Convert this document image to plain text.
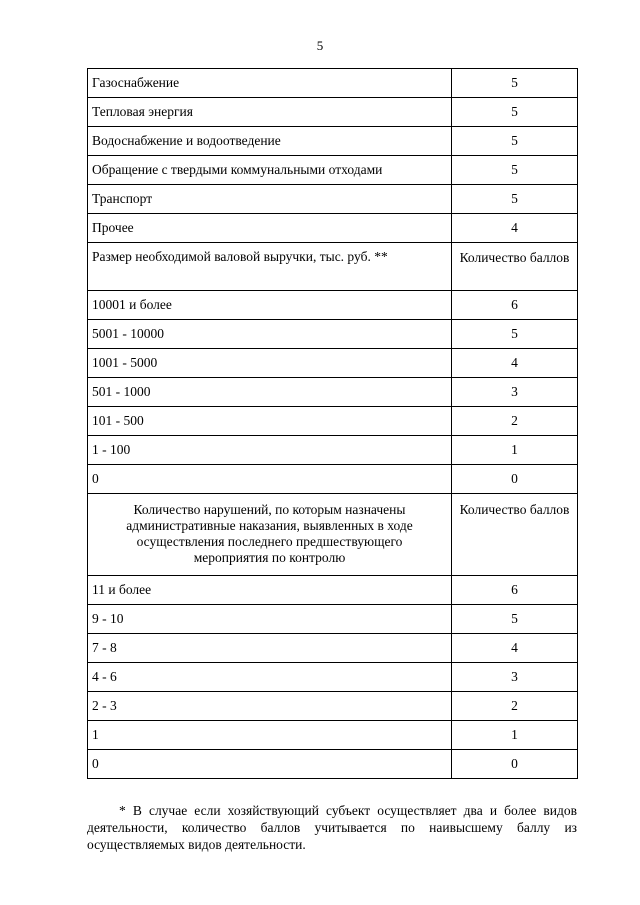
5
Газоснабжение	5
Тепловая энергия	5
Водоснабжение и водоотведение	5
Обращение с твердыми коммунальными отходами	5
Транспорт	5
Прочее	4
Размер необходимой валовой выручки, тыс. руб. **	Количество баллов
10001 и более	6
5001 - 10000	5
1001 - 5000	4
501 - 1000	3
101 - 500	2
1 - 100	1
0	0
Количество нарушений, по которым назначены административные наказания, выявленных в ходе осуществления последнего предшествующего мероприятия по контролю	Количество баллов
11 и более	6
9 - 10	5
7 - 8	4
4 - 6	3
2 - 3	2
1	1
0	0

* В случае если хозяйствующий субъект осуществляет два и более видов деятельности, количество баллов учитывается по наивысшему баллу из осуществляемых видов деятельности.
